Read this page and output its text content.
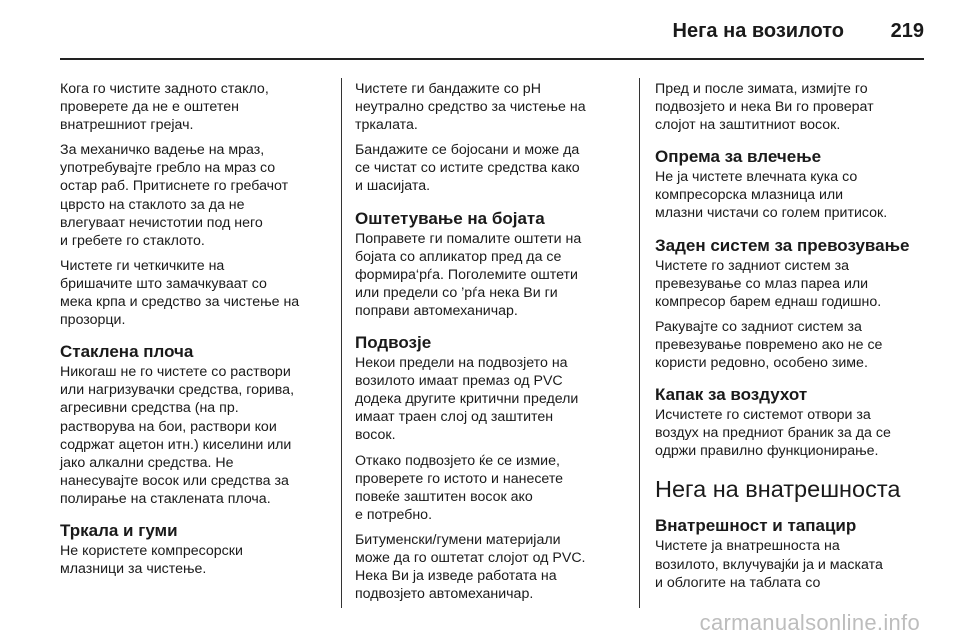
Нега на возилото 219

Кога го чистите задното стакло,
проверете да не е оштетен
внатрешниот грејач.

За механичко вадење на мраз,
употребувајте гребло на мраз со
остар раб. Притиснете го гребачот
цврсто на стаклото за да не
влегуваат нечистотии под него
и гребете го стаклото.

Чистете ги четкичките на
бришачите што замачкуваат со
мека крпа и средство за чистење на
прозорци.

Стаклена плоча

Никогаш не го чистете со раствори
или нагризувачки средства, горива,
агресивни средства (на пр.
растворува на бои, раствори кои
содржат ацетон итн.) киселини или
јако алкални средства. Не
нанесувајте восок или средства за
полирање на стаклената плоча.

Тркала и гуми

Не користете компресорски
млазници за чистење.

Чистете ги бандажите со pH
неутрално средство за чистење на
тркалата.

Бандажите се бојосани и може да
се чистат со истите средства како
и шасијата.

Оштетување на бојата

Поправете ги помалите оштети на
бојата со апликатор пред да се
формира‘рѓа. Поголемите оштети
или предели со ’рѓа нека Ви ги
поправи автомеханичар.

Подвозје

Некои предели на подвозјето на
возилото имаат премаз од PVC
додека другите критични предели
имаат траен слој од заштитен
восок.

Откако подвозјето ќе се измие,
проверете го истото и нанесете
повеќе заштитен восок ако
е потребно.

Битуменски/гумени материјали
може да го оштетат слојот од PVC.
Нека Ви ја изведе работата на
подвозјето автомеханичар.

Пред и после зимата, измијте го
подвозјето и нека Ви го проверат
слојот на заштитниот восок.

Опрема за влечење

Не ја чистете влечната кука со
компресорска млазница или
млазни чистачи со голем притисок.

Заден систем за превозување

Чистете го задниот систем за
превезување со млаз пареа или
компресор барем еднаш годишно.

Ракувајте со задниот систем за
превезување повремено ако не се
користи редовно, особено зиме.

Капак за воздухот

Исчистете го системот отвори за
воздух на предниот браник за да се
одржи правилно функционирање.

Нега на внатрешноста
Внатрешност и тапацир

Чистете ја внатрешноста на
возилото, вклучувајќи ја и маската
и облогите на таблата со

carmanualsonline.info
